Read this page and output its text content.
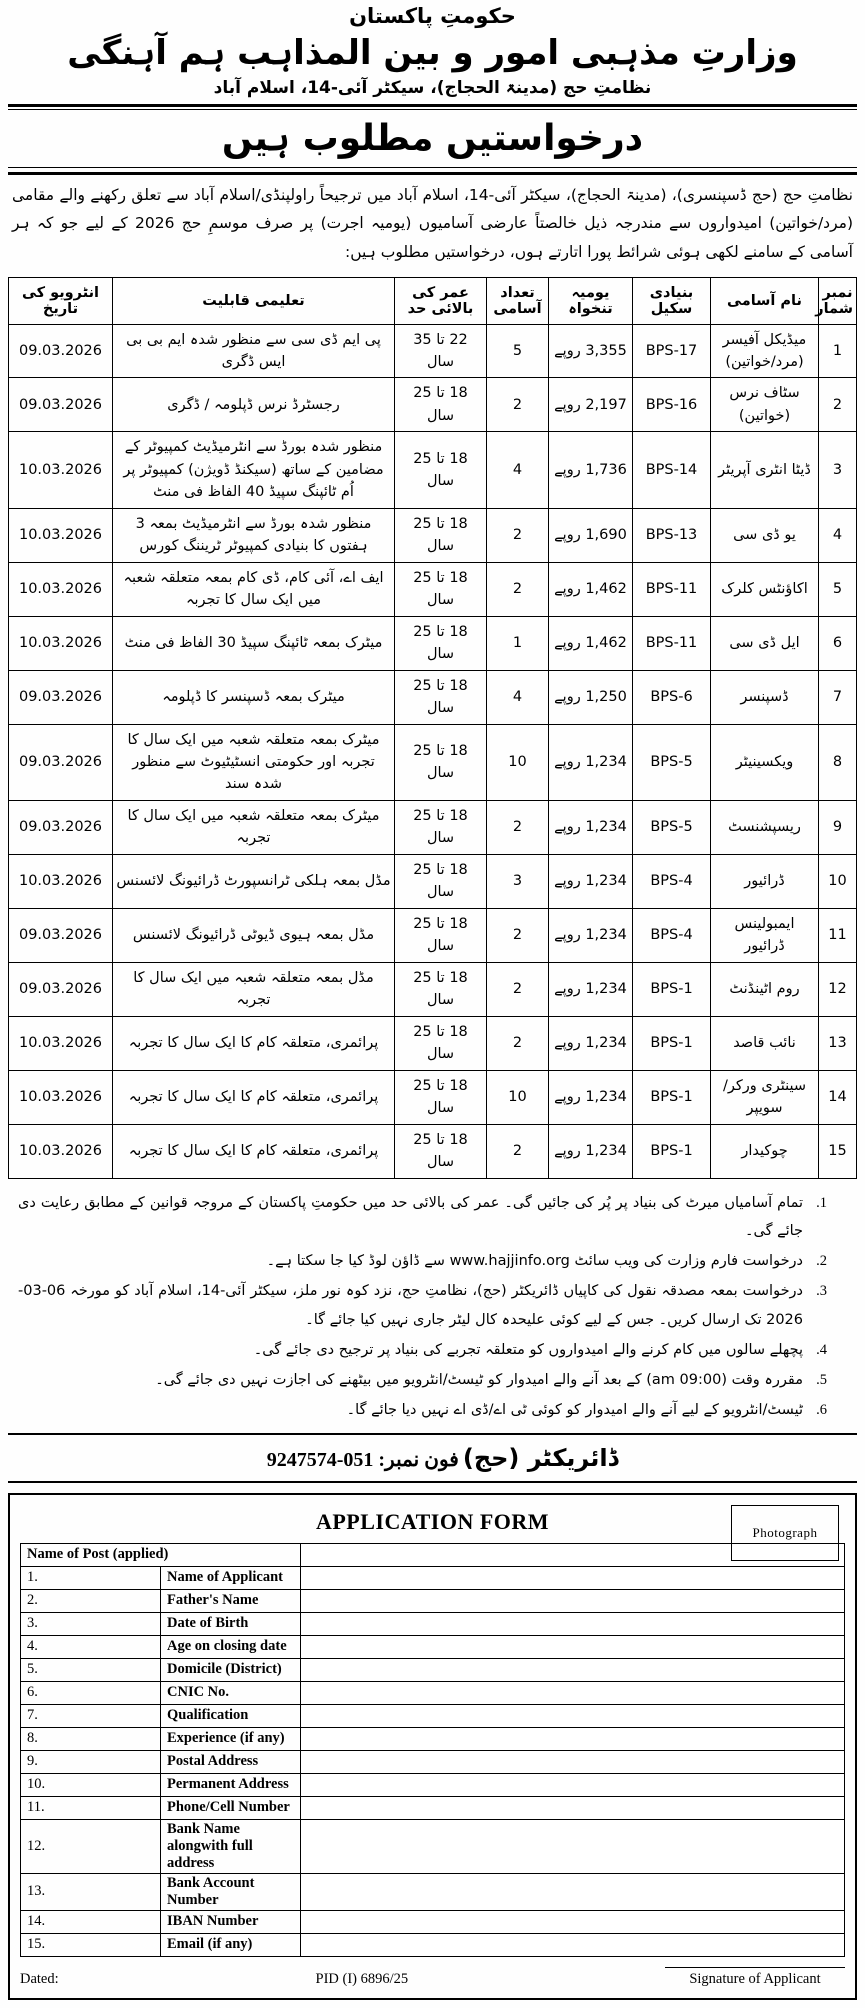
حکومتِ پاکستان
وزارتِ مذہبی امور و بین المذاہب ہم آہنگی
نظامتِ حج (مدینۃ الحجاج)، سیکٹر آئی-14، اسلام آباد
درخواستیں مطلوب ہیں
نظامتِ حج (حج ڈسپنسری)، (مدینۃ الحجاج)، سیکٹر آئی-14، اسلام آباد میں ترجیحاً راولپنڈی/اسلام آباد سے تعلق رکھنے والے مقامی (مرد/خواتین) امیدواروں سے مندرجہ ذیل خالصتاً عارضی آسامیوں (یومیہ اجرت) پر صرف موسمِ حج 2026 کے لیے جو کہ ہر آسامی کے سامنے لکھی ہوئی شرائط پورا اتارتے ہوں، درخواستیں مطلوب ہیں:
نمبر شمار	نام آسامی	بنیادی سکیل	یومیہ تنخواہ	تعداد آسامی	عمر کی بالائی حد	تعلیمی قابلیت	انٹرویو کی تاریخ
1	میڈیکل آفیسر (مرد/خواتین)	BPS-17	3,355 روپے	5	22 تا 35 سال	پی ایم ڈی سی سے منظور شدہ ایم بی بی ایس ڈگری	09.03.2026
2	سٹاف نرس (خواتین)	BPS-16	2,197 روپے	2	18 تا 25 سال	رجسٹرڈ نرس ڈپلومہ / ڈگری	09.03.2026
3	ڈیٹا انٹری آپریٹر	BPS-14	1,736 روپے	4	18 تا 25 سال	منظور شدہ بورڈ سے انٹرمیڈیٹ کمپیوٹر کے مضامین کے ساتھ (سیکنڈ ڈویژن) کمپیوٹر پر اُم ٹائپنگ سپیڈ 40 الفاظ فی منٹ	10.03.2026
4	یو ڈی سی	BPS-13	1,690 روپے	2	18 تا 25 سال	منظور شدہ بورڈ سے انٹرمیڈیٹ بمعہ 3 ہفتوں کا بنیادی کمپیوٹر ٹریننگ کورس	10.03.2026
5	اکاؤنٹس کلرک	BPS-11	1,462 روپے	2	18 تا 25 سال	ایف اے، آئی کام، ڈی کام بمعہ متعلقہ شعبہ میں ایک سال کا تجربہ	10.03.2026
6	ایل ڈی سی	BPS-11	1,462 روپے	1	18 تا 25 سال	میٹرک بمعہ ٹائپنگ سپیڈ 30 الفاظ فی منٹ	10.03.2026
7	ڈسپنسر	BPS-6	1,250 روپے	4	18 تا 25 سال	میٹرک بمعہ ڈسپنسر کا ڈپلومہ	09.03.2026
8	ویکسینیٹر	BPS-5	1,234 روپے	10	18 تا 25 سال	میٹرک بمعہ متعلقہ شعبہ میں ایک سال کا تجربہ اور حکومتی انسٹیٹیوٹ سے منظور شدہ سند	09.03.2026
9	ریسپشنسٹ	BPS-5	1,234 روپے	2	18 تا 25 سال	میٹرک بمعہ متعلقہ شعبہ میں ایک سال کا تجربہ	09.03.2026
10	ڈرائیور	BPS-4	1,234 روپے	3	18 تا 25 سال	مڈل بمعہ ہلکی ٹرانسپورٹ ڈرائیونگ لائسنس	10.03.2026
11	ایمبولینس ڈرائیور	BPS-4	1,234 روپے	2	18 تا 25 سال	مڈل بمعہ ہیوی ڈیوٹی ڈرائیونگ لائسنس	09.03.2026
12	روم اٹینڈنٹ	BPS-1	1,234 روپے	2	18 تا 25 سال	مڈل بمعہ متعلقہ شعبہ میں ایک سال کا تجربہ	09.03.2026
13	نائب قاصد	BPS-1	1,234 روپے	2	18 تا 25 سال	پرائمری، متعلقہ کام کا ایک سال کا تجربہ	10.03.2026
14	سینٹری ورکر/سویپر	BPS-1	1,234 روپے	10	18 تا 25 سال	پرائمری، متعلقہ کام کا ایک سال کا تجربہ	10.03.2026
15	چوکیدار	BPS-1	1,234 روپے	2	18 تا 25 سال	پرائمری، متعلقہ کام کا ایک سال کا تجربہ	10.03.2026
تمام آسامیاں میرٹ کی بنیاد پر پُر کی جائیں گی۔ عمر کی بالائی حد میں حکومتِ پاکستان کے مروجہ قوانین کے مطابق رعایت دی جائے گی۔
درخواست فارم وزارت کی ویب سائٹ www.hajjinfo.org سے ڈاؤن لوڈ کیا جا سکتا ہے۔
درخواست بمعہ مصدقہ نقول کی کاپیاں ڈائریکٹر (حج)، نظامتِ حج، نزد کوہ نور ملز، سیکٹر آئی-14، اسلام آباد کو مورخہ 06-03-2026 تک ارسال کریں۔ جس کے لیے کوئی علیحدہ کال لیٹر جاری نہیں کیا جائے گا۔
پچھلے سالوں میں کام کرنے والے امیدواروں کو متعلقہ تجربے کی بنیاد پر ترجیح دی جائے گی۔
مقررہ وقت (09:00 am) کے بعد آنے والے امیدوار کو ٹیسٹ/انٹرویو میں بیٹھنے کی اجازت نہیں دی جائے گی۔
ٹیسٹ/انٹرویو کے لیے آنے والے امیدوار کو کوئی ٹی اے/ڈی اے نہیں دیا جائے گا۔
فون نمبر: 051-9247574 ڈائریکٹر (حج)
APPLICATION FORM	Photograph
Name of Post (applied)		
1.	Name of Applicant	
2.	Father's Name	
3.	Date of Birth	
4.	Age on closing date	
5.	Domicile (District)	
6.	CNIC No.	
7.	Qualification	
8.	Experience (if any)	
9.	Postal Address	
10.	Permanent Address	
11.	Phone/Cell Number	
12.	Bank Name alongwith full address	
13.	Bank Account Number	
14.	IBAN Number	
15.	Email (if any)	
Dated:	PID (I) 6896/25	Signature of Applicant
